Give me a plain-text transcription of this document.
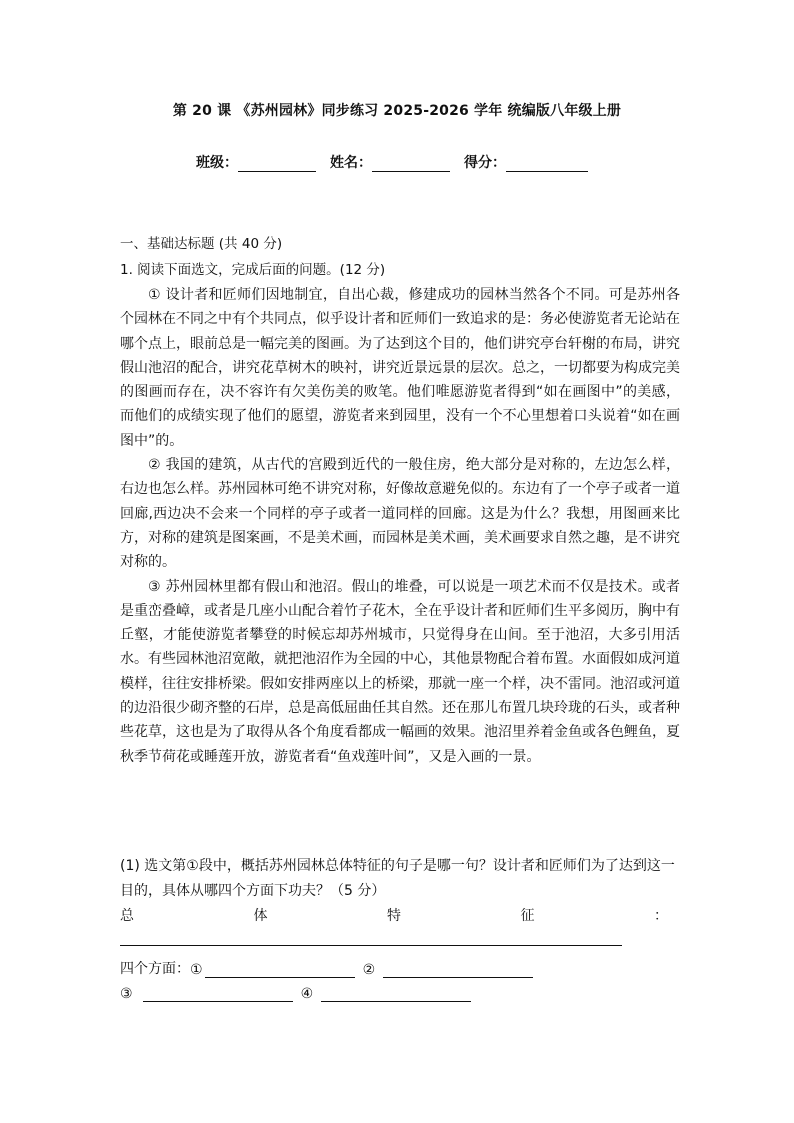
第 20 课 《苏州园林》同步练习 2025-2026 学年 统编版八年级上册
班级：	姓名：	得分：
一、基础达标题 (共 40 分)
1. 阅读下面选文，完成后面的问题。(12 分)

① 设计者和匠师们因地制宜，自出心裁，修建成功的园林当然各个不同。可是苏州各个园林在不同之中有个共同点，似乎设计者和匠师们一致追求的是：务必使游览者无论站在哪个点上，眼前总是一幅完美的图画。为了达到这个目的，他们讲究亭台轩榭的布局，讲究假山池沼的配合，讲究花草树木的映衬，讲究近景远景的层次。总之，一切都要为构成完美的图画而存在，决不容许有欠美伤美的败笔。他们唯愿游览者得到“如在画图中”的美感，而他们的成绩实现了他们的愿望，游览者来到园里，没有一个不心里想着口头说着“如在画图中”的。

② 我国的建筑，从古代的宫殿到近代的一般住房，绝大部分是对称的，左边怎么样，右边也怎么样。苏州园林可绝不讲究对称，好像故意避免似的。东边有了一个亭子或者一道回廊,西边决不会来一个同样的亭子或者一道同样的回廊。这是为什么？我想，用图画来比方，对称的建筑是图案画，不是美术画，而园林是美术画，美术画要求自然之趣，是不讲究对称的。

③ 苏州园林里都有假山和池沼。假山的堆叠，可以说是一项艺术而不仅是技术。或者是重峦叠嶂，或者是几座小山配合着竹子花木，全在乎设计者和匠师们生平多阅历，胸中有丘壑，才能使游览者攀登的时候忘却苏州城市，只觉得身在山间。至于池沼，大多引用活水。有些园林池沼宽敞，就把池沼作为全园的中心，其他景物配合着布置。水面假如成河道模样，往往安排桥梁。假如安排两座以上的桥梁，那就一座一个样，决不雷同。池沼或河道的边沿很少砌齐整的石岸，总是高低屈曲任其自然。还在那儿布置几块玲珑的石头，或者种些花草，这也是为了取得从各个角度看都成一幅画的效果。池沼里养着金鱼或各色鲤鱼，夏秋季节荷花或睡莲开放，游览者看“鱼戏莲叶间”，又是入画的一景。

(1) 选文第①段中，概括苏州园林总体特征的句子是哪一句？设计者和匠师们为了达到这一目的，具体从哪四个方面下功夫？（5 分）
总	体	特	征	：
四个方面： ①	②
③	④
